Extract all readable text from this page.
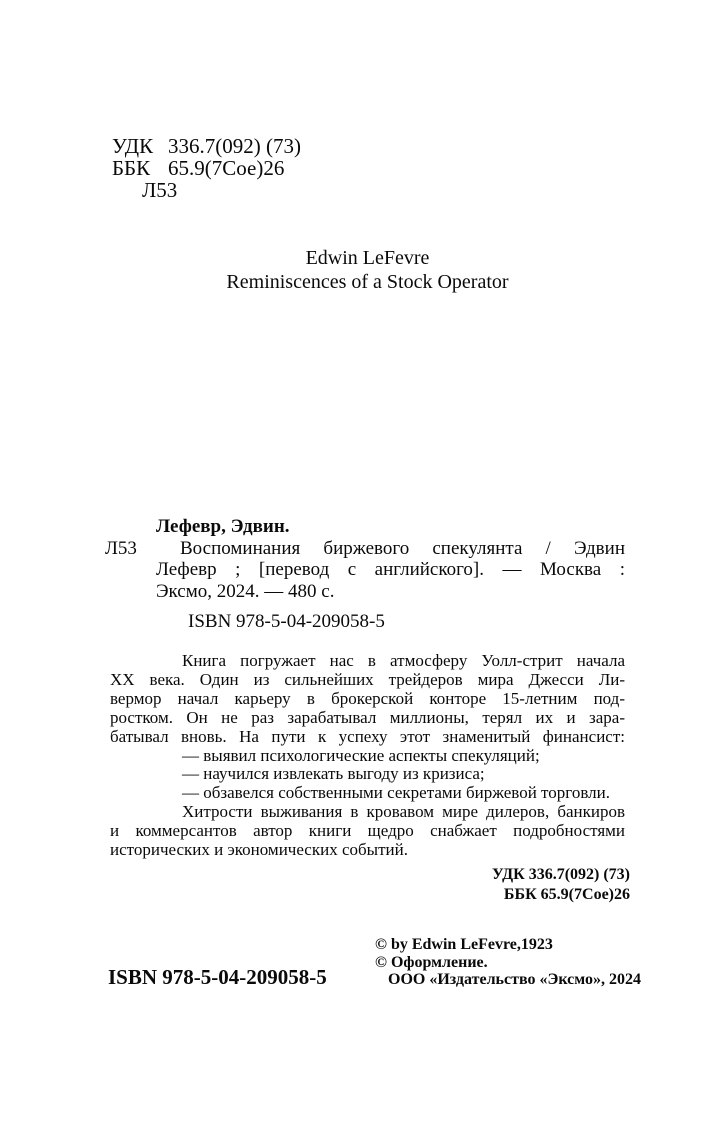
УДК 336.7(092) (73)
ББК 65.9(7Сое)26
Л53
Edwin LeFevre
Reminiscences of a Stock Operator
Лефевр, Эдвин.
Л53	Воспоминания биржевого спекулянта / Эдвин
Лефевр ; [перевод с английского]. — Москва :
Эксмо, 2024. — 480 с.
ISBN 978-5-04-209058-5
Книга погружает нас в атмосферу Уолл-стрит начала
ХХ века. Один из сильнейших трейдеров мира Джесси Ли-
вермор начал карьеру в брокерской конторе 15-летним под-
ростком. Он не раз зарабатывал миллионы, терял их и зара-
батывал вновь. На пути к успеху этот знаменитый финансист:
— выявил психологические аспекты спекуляций;
— научился извлекать выгоду из кризиса;
— обзавелся собственными секретами биржевой торговли.
Хитрости выживания в кровавом мире дилеров, банкиров
и коммерсантов автор книги щедро снабжает подробностями
исторических и экономических событий.
УДК 336.7(092) (73)
ББК 65.9(7Сое)26
© by Edwin LeFevre,1923
© Оформление.
ООО «Издательство «Эксмо», 2024
ISBN 978-5-04-209058-5
